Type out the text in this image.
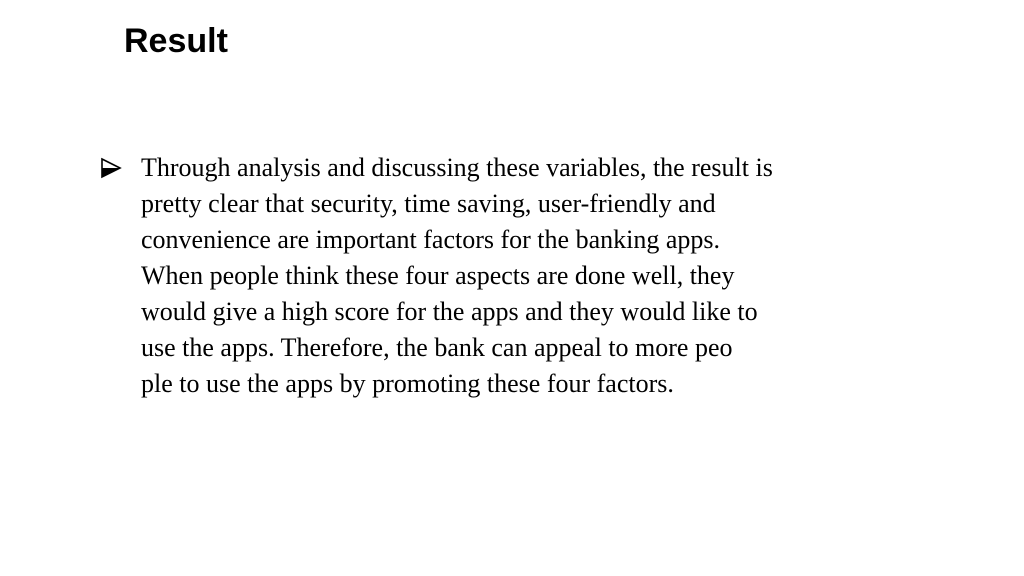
Result
Through analysis and discussing these variables, the result is
pretty clear that security, time saving, user-friendly and
convenience are important factors for the banking apps.
When people think these four aspects are done well, they
would give a high score for the apps and they would like to
use the apps. Therefore, the bank can appeal to more peo
ple to use the apps by promoting these four factors.
